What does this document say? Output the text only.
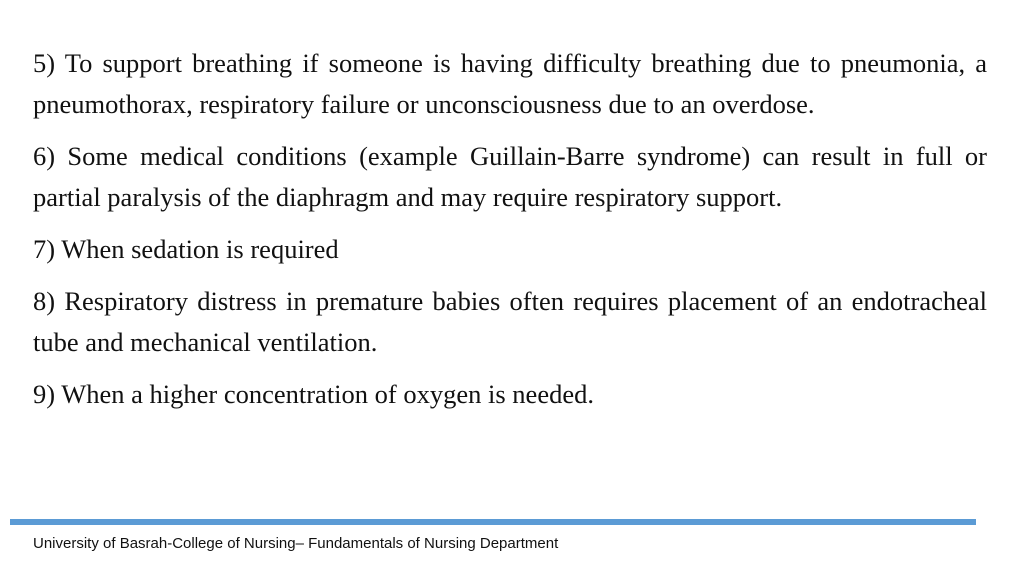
5) To support breathing if someone is having difficulty breathing due to pneumonia, a pneumothorax, respiratory failure or unconsciousness due to an overdose.

6) Some medical conditions (example Guillain-Barre syndrome) can result in full or partial paralysis of the diaphragm and may require respiratory support.

7) When sedation is required

8) Respiratory distress in premature babies often requires placement of an endotracheal tube and mechanical ventilation.

9) When a higher concentration of oxygen is needed.

University of Basrah-College of Nursing– Fundamentals of Nursing Department
